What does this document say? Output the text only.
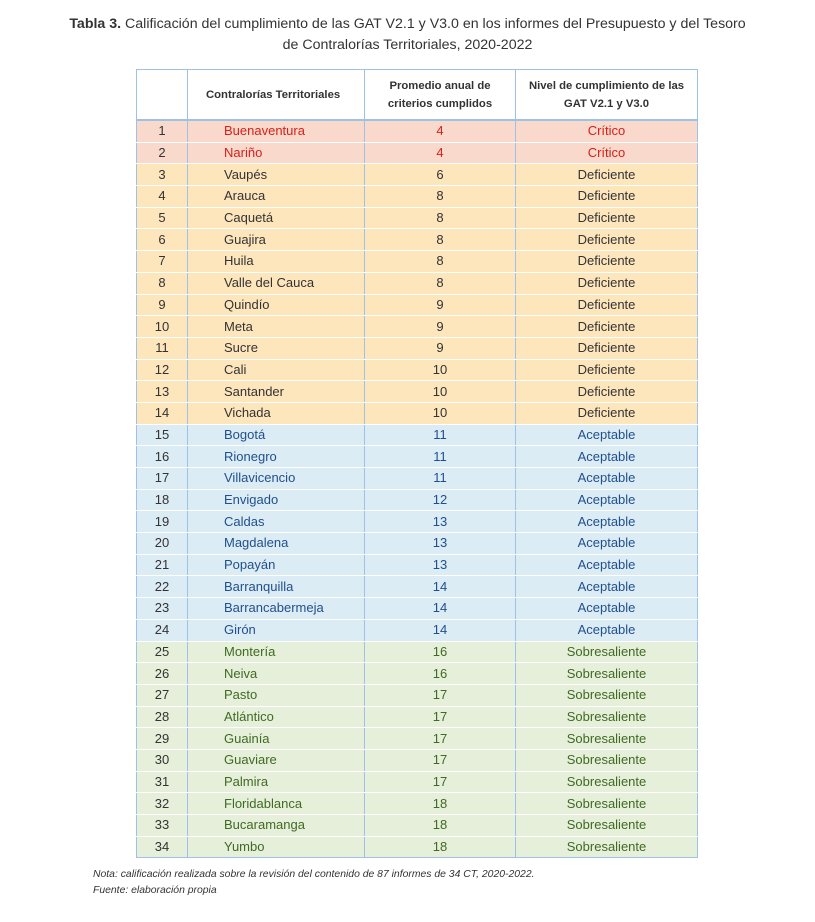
Tabla 3. Calificación del cumplimiento de las GAT V2.1 y V3.0 en los informes del Presupuesto y del Tesoro de Contralorías Territoriales, 2020-2022
	Contralorías Territoriales	Promedio anual de criterios cumplidos	Nivel de cumplimiento de las GAT V2.1 y V3.0
1	Buenaventura	4	Crítico
2	Nariño	4	Crítico
3	Vaupés	6	Deficiente
4	Arauca	8	Deficiente
5	Caquetá	8	Deficiente
6	Guajira	8	Deficiente
7	Huila	8	Deficiente
8	Valle del Cauca	8	Deficiente
9	Quindío	9	Deficiente
10	Meta	9	Deficiente
11	Sucre	9	Deficiente
12	Cali	10	Deficiente
13	Santander	10	Deficiente
14	Vichada	10	Deficiente
15	Bogotá	11	Aceptable
16	Rionegro	11	Aceptable
17	Villavicencio	11	Aceptable
18	Envigado	12	Aceptable
19	Caldas	13	Aceptable
20	Magdalena	13	Aceptable
21	Popayán	13	Aceptable
22	Barranquilla	14	Aceptable
23	Barrancabermeja	14	Aceptable
24	Girón	14	Aceptable
25	Montería	16	Sobresaliente
26	Neiva	16	Sobresaliente
27	Pasto	17	Sobresaliente
28	Atlántico	17	Sobresaliente
29	Guainía	17	Sobresaliente
30	Guaviare	17	Sobresaliente
31	Palmira	17	Sobresaliente
32	Floridablanca	18	Sobresaliente
33	Bucaramanga	18	Sobresaliente
34	Yumbo	18	Sobresaliente
Nota: calificación realizada sobre la revisión del contenido de 87 informes de 34 CT, 2020-2022.
Fuente: elaboración propia
